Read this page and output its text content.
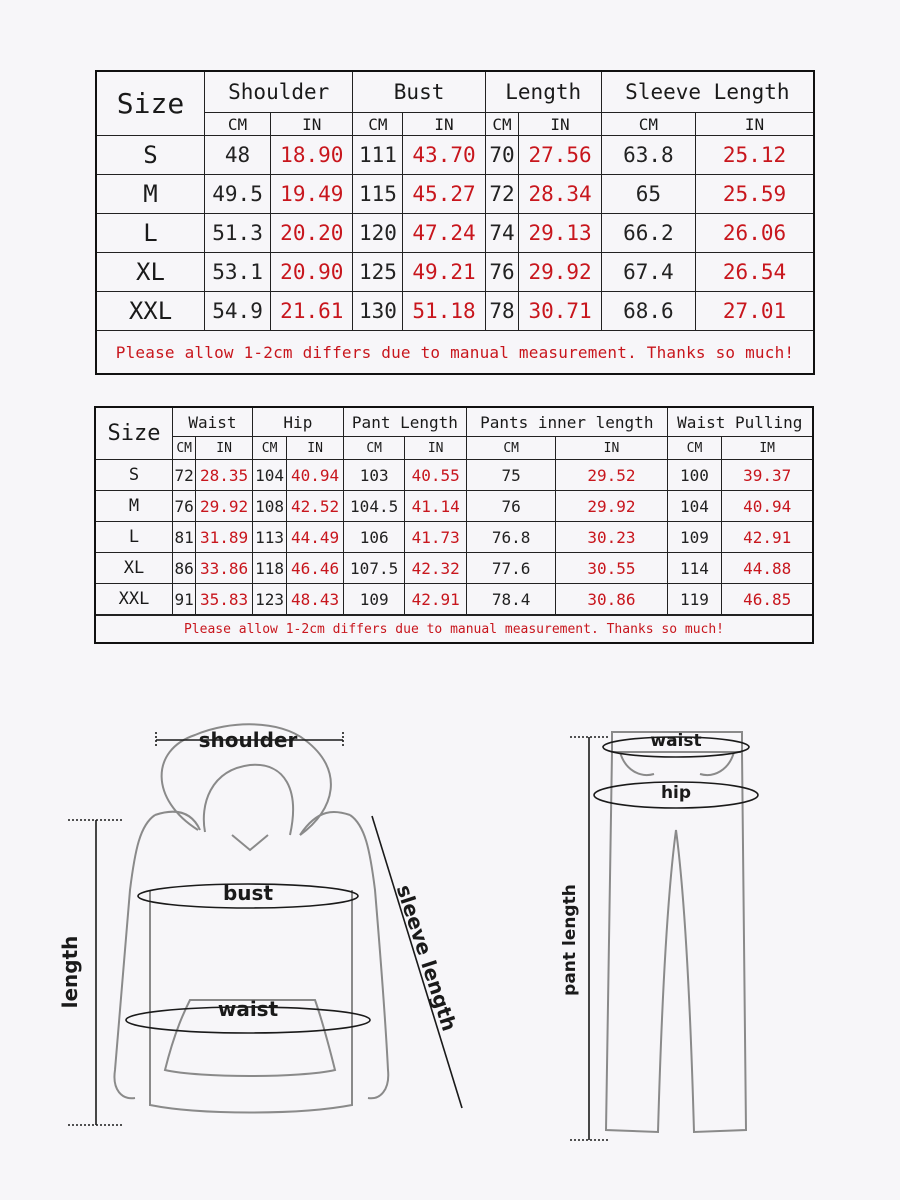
Size	Shoulder		Bust		Length		Sleeve Length	
	CM	IN	CM	IN	CM	IN	CM	IN
S	48	18.90	111	43.70	70	27.56	63.8	25.12
M	49.5	19.49	115	45.27	72	28.34	65	25.59
L	51.3	20.20	120	47.24	74	29.13	66.2	26.06
XL	53.1	20.90	125	49.21	76	29.92	67.4	26.54
XXL	54.9	21.61	130	51.18	78	30.71	68.6	27.01
Please allow 1-2cm differs due to manual measurement. Thanks so much!								
Size	Waist		Hip		Pant Length		Pants inner length		Waist Pulling	
	CM	IN	CM	IN	CM	IN	CM	IN	CM	IM
S	72	28.35	104	40.94	103	40.55	75	29.52	100	39.37
M	76	29.92	108	42.52	104.5	41.14	76	29.92	104	40.94
L	81	31.89	113	44.49	106	41.73	76.8	30.23	109	42.91
XL	86	33.86	118	46.46	107.5	42.32	77.6	30.55	114	44.88
XXL	91	35.83	123	48.43	109	42.91	78.4	30.86	119	46.85

Please allow 1-2cm differs due to manual measurement. Thanks so much!										
shoulder
bust
waist
length	sleeve length
waist
hip
pant length
